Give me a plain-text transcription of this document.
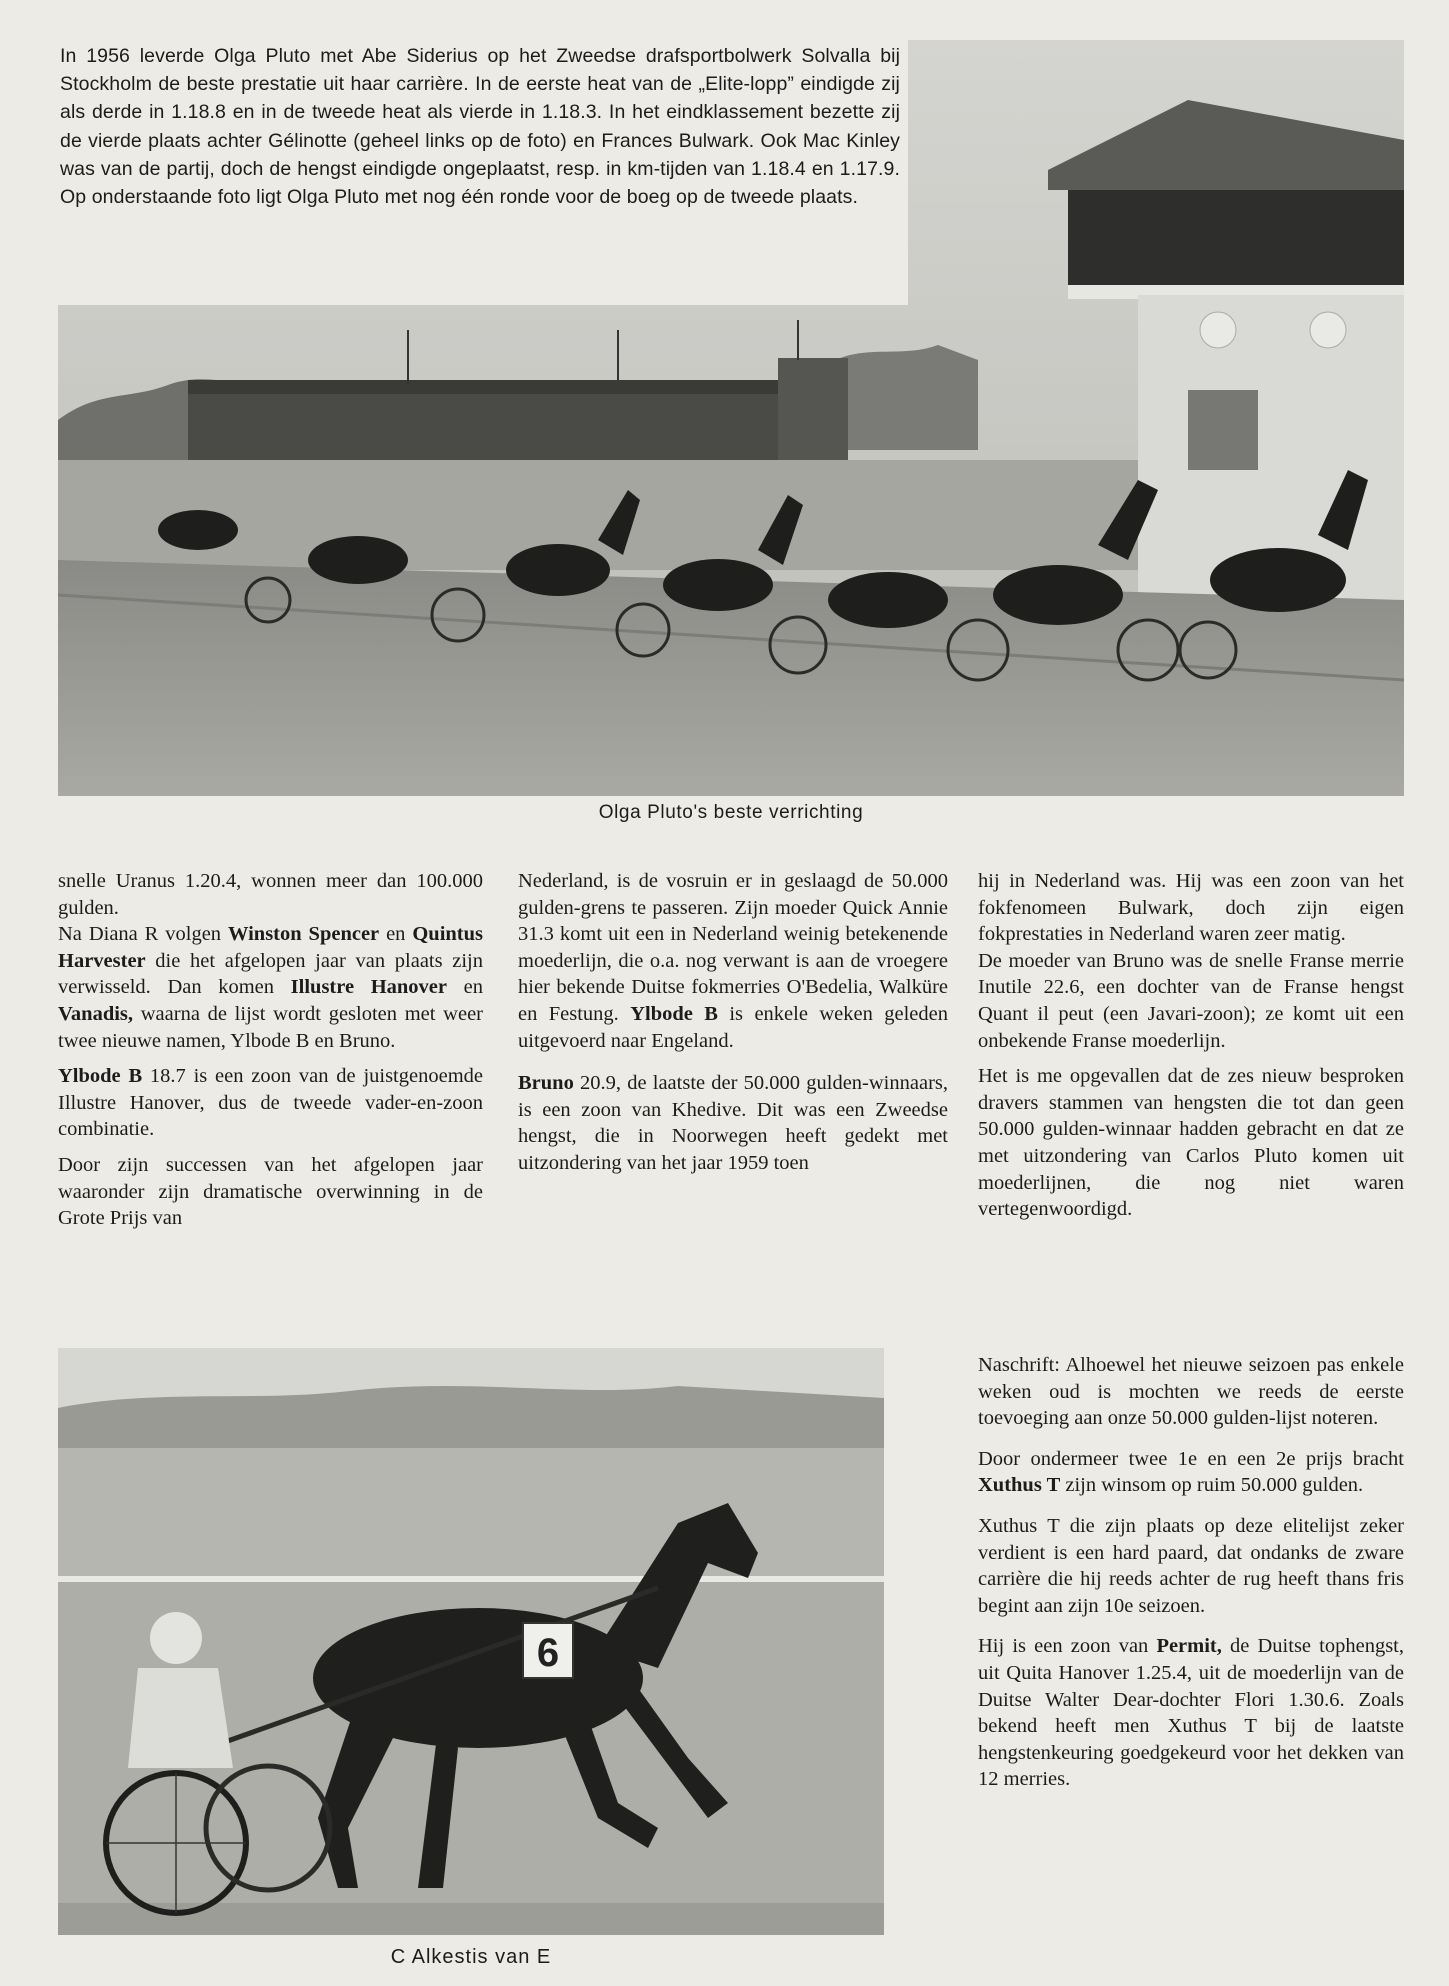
In 1956 leverde Olga Pluto met Abe Siderius op het Zweedse drafsportbolwerk Solvalla bij Stockholm de beste prestatie uit haar carrière. In de eerste heat van de „Elite-lopp” eindigde zij als derde in 1.18.8 en in de tweede heat als vierde in 1.18.3. In het eindklassement bezette zij de vierde plaats achter Gélinotte (geheel links op de foto) en Frances Bulwark. Ook Mac Kinley was van de partij, doch de hengst eindigde ongeplaatst, resp. in km-tijden van 1.18.4 en 1.17.9. Op onderstaande foto ligt Olga Pluto met nog één ronde voor de boeg op de tweede plaats.
Olga Pluto's beste verrichting

snelle Uranus 1.20.4, wonnen meer dan 100.000 gulden.

Na Diana R volgen Winston Spencer en Quintus Harvester die het afgelopen jaar van plaats zijn verwisseld. Dan komen Illustre Hanover en Vanadis, waarna de lijst wordt gesloten met weer twee nieuwe namen, Ylbode B en Bruno.

Ylbode B 18.7 is een zoon van de juistgenoemde Illustre Hanover, dus de tweede vader-en-zoon combinatie.

Door zijn successen van het afgelopen jaar waaronder zijn dramatische overwinning in de Grote Prijs van

Nederland, is de vosruin er in geslaagd de 50.000 gulden-grens te passeren. Zijn moeder Quick Annie 31.3 komt uit een in Nederland weinig betekenende moederlijn, die o.a. nog verwant is aan de vroegere hier bekende Duitse fokmerries O'Bedelia, Walküre en Festung. Ylbode B is enkele weken geleden uitgevoerd naar Engeland.

Bruno 20.9, de laatste der 50.000 gulden-winnaars, is een zoon van Khedive. Dit was een Zweedse hengst, die in Noorwegen heeft gedekt met uitzondering van het jaar 1959 toen

hij in Nederland was. Hij was een zoon van het fokfenomeen Bulwark, doch zijn eigen fokprestaties in Nederland waren zeer matig.

De moeder van Bruno was de snelle Franse merrie Inutile 22.6, een dochter van de Franse hengst Quant il peut (een Javari-zoon); ze komt uit een onbekende Franse moederlijn.

Het is me opgevallen dat de zes nieuw besproken dravers stammen van hengsten die tot dan geen 50.000 gulden-winnaar hadden gebracht en dat ze met uitzondering van Carlos Pluto komen uit moederlijnen, die nog niet waren vertegenwoordigd.

6
C Alkestis van E

Naschrift: Alhoewel het nieuwe seizoen pas enkele weken oud is mochten we reeds de eerste toevoeging aan onze 50.000 gulden-lijst noteren.

Door ondermeer twee 1e en een 2e prijs bracht Xuthus T zijn winsom op ruim 50.000 gulden.

Xuthus T die zijn plaats op deze elitelijst zeker verdient is een hard paard, dat ondanks de zware carrière die hij reeds achter de rug heeft thans fris begint aan zijn 10e seizoen.

Hij is een zoon van Permit, de Duitse tophengst, uit Quita Hanover 1.25.4, uit de moederlijn van de Duitse Walter Dear-dochter Flori 1.30.6. Zoals bekend heeft men Xuthus T bij de laatste hengstenkeuring goedgekeurd voor het dekken van 12 merries.
